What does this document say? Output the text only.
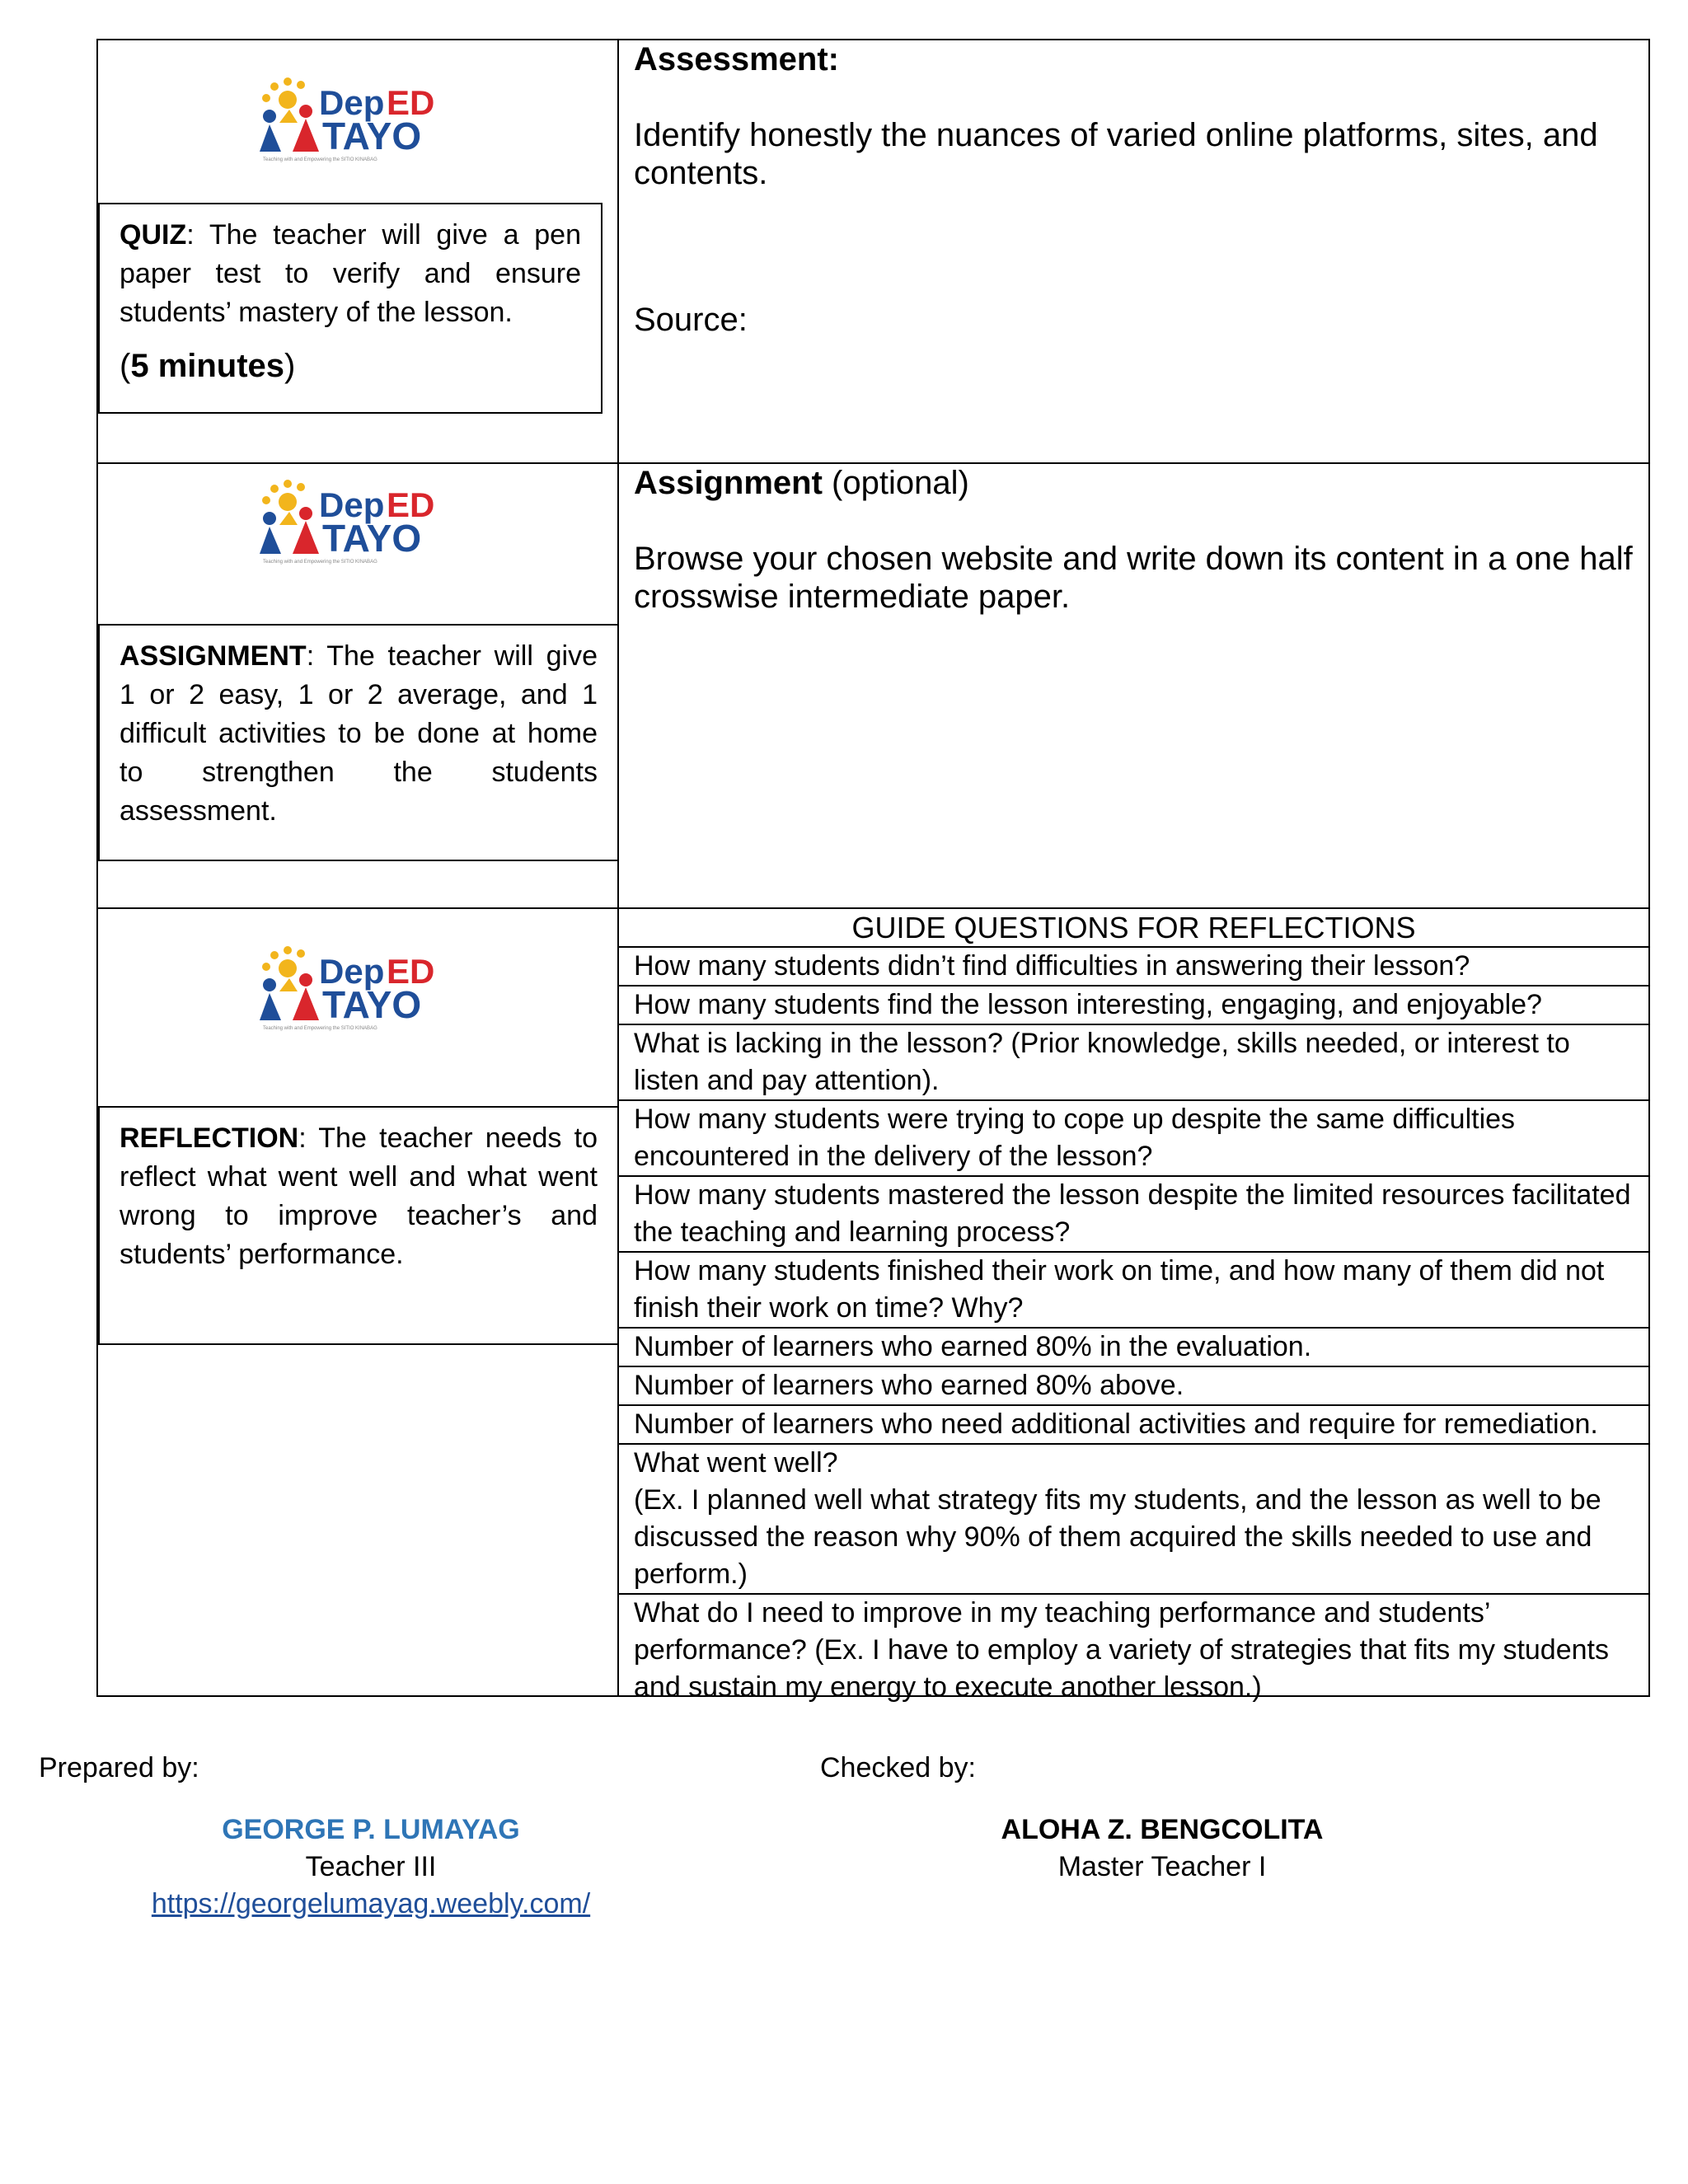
Dep ED
TAYO
Teaching with and Empowering the SITIO KINABAG
QUIZ: The teacher will give a pen paper test to verify and ensure students’ mastery of the lesson.
(5 minutes)

Assessment:

Identify honestly the nuances of varied online platforms, sites, and contents.

Source:

Dep ED
TAYO
Teaching with and Empowering the SITIO KINABAG
ASSIGNMENT: The teacher will give 1 or 2 easy, 1 or 2 average, and 1 difficult activities to be done at home to strengthen the students assessment.

Assignment (optional)

Browse your chosen website and write down its content in a one half crosswise intermediate paper.

Dep ED
TAYO
Teaching with and Empowering the SITIO KINABAG
REFLECTION: The teacher needs to reflect what went well and what went wrong to improve teacher’s and students’ performance.
GUIDE QUESTIONS FOR REFLECTIONS
How many students didn’t find difficulties in answering their lesson?
How many students find the lesson interesting, engaging, and enjoyable?
What is lacking in the lesson? (Prior knowledge, skills needed, or interest to listen and pay attention).
How many students were trying to cope up despite the same difficulties encountered in the delivery of the lesson?
How many students mastered the lesson despite the limited resources facilitated the teaching and learning process?
How many students finished their work on time, and how many of them did not finish their work on time? Why?
Number of learners who earned 80% in the evaluation.
Number of learners who earned 80% above.
Number of learners who need additional activities and require for remediation.
What went well?
(Ex. I planned well what strategy fits my students, and the lesson as well to be discussed the reason why 90% of them acquired the skills needed to use and perform.)
What do I need to improve in my teaching performance and students’ performance? (Ex. I have to employ a variety of strategies that fits my students and sustain my energy to execute another lesson.)
Prepared by:	Checked by:
GEORGE P. LUMAYAG
Teacher III
https://georgelumayag.weebly.com/
ALOHA Z. BENGCOLITA
Master Teacher I
